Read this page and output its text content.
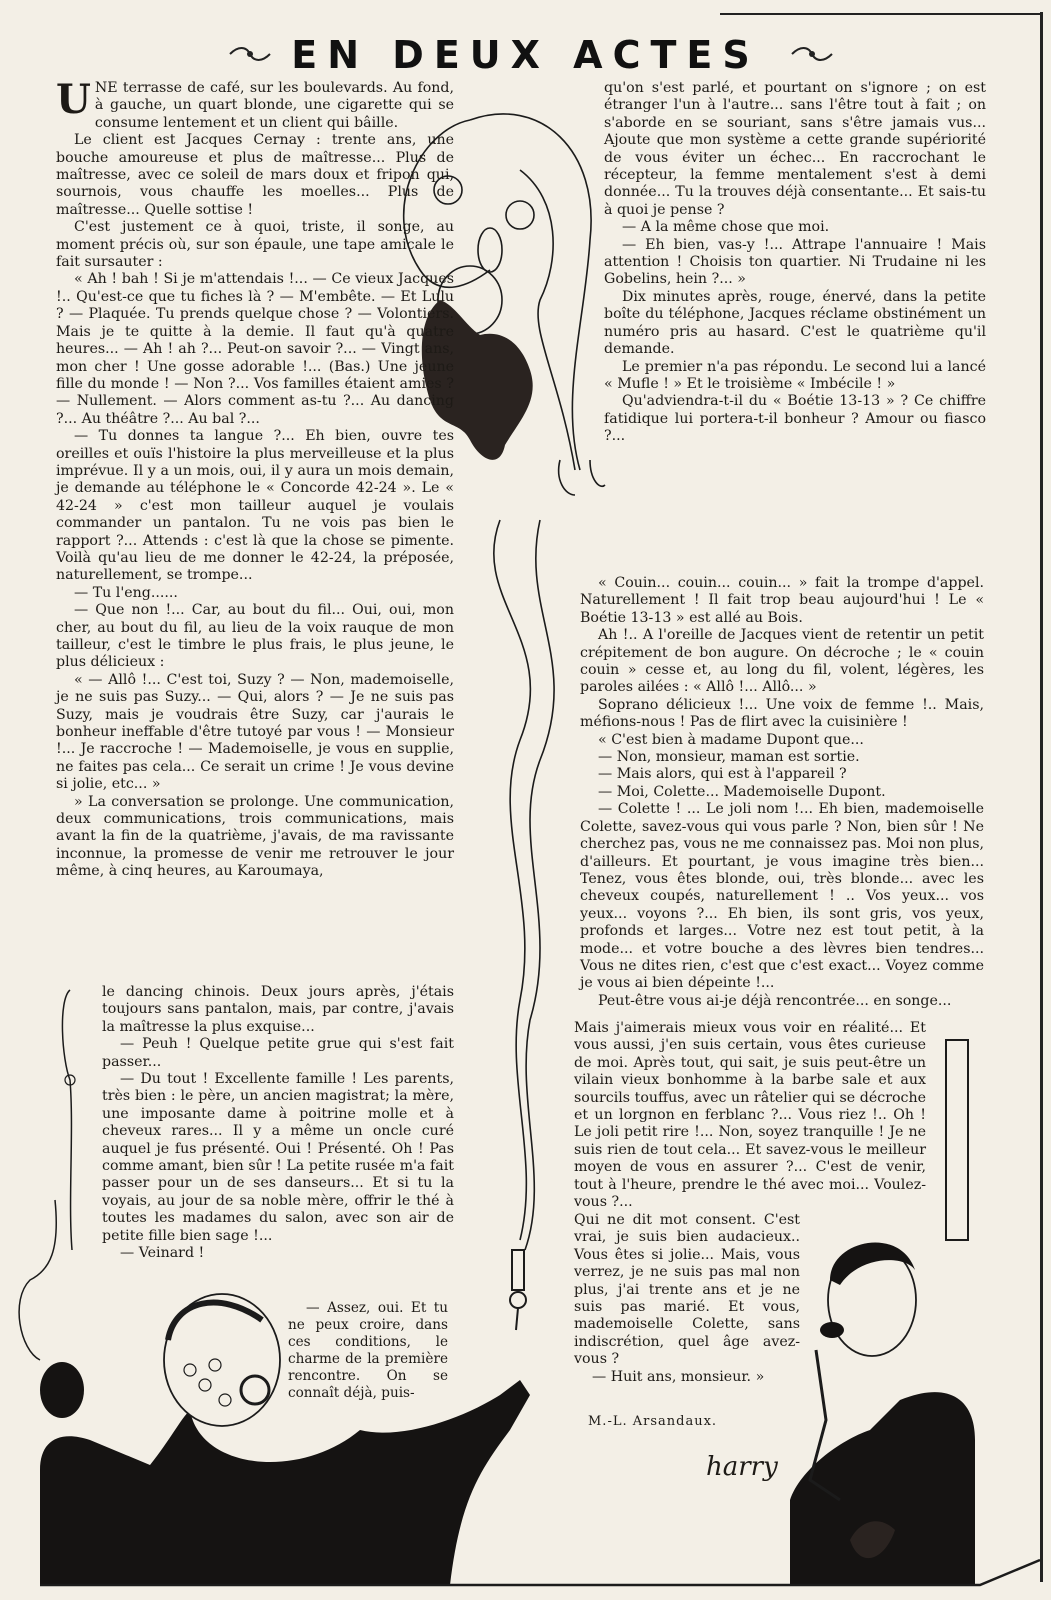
EN DEUX ACTES

UNE terrasse de café, sur les boulevards. Au fond, à gauche, un quart blonde, une cigarette qui se consume lentement et un client qui bâille.

Le client est Jacques Cernay : trente ans, une bouche amoureuse et plus de maîtresse... Plus de maîtresse, avec ce soleil de mars doux et fripon qui, sournois, vous chauffe les moelles... Plus de maîtresse... Quelle sottise !

C'est justement ce à quoi, triste, il songe, au moment précis où, sur son épaule, une tape amicale le fait sursauter :

« Ah ! bah ! Si je m'attendais !... — Ce vieux Jacques !.. Qu'est-ce que tu fiches là ? — M'embête. — Et Lulu ? — Plaquée. Tu prends quelque chose ? — Volontiers. Mais je te quitte à la demie. Il faut qu'à quatre heures... — Ah ! ah ?... Peut-on savoir ?... — Vingt ans, mon cher ! Une gosse adorable !... (Bas.) Une jeune fille du monde ! — Non ?... Vos familles étaient amies ? — Nullement. — Alors comment as-tu ?... Au dancing ?... Au théâtre ?... Au bal ?...

— Tu donnes ta langue ?... Eh bien, ouvre tes oreilles et ouïs l'histoire la plus merveilleuse et la plus imprévue. Il y a un mois, oui, il y aura un mois demain, je demande au téléphone le « Concorde 42-24 ». Le « 42-24 » c'est mon tailleur auquel je voulais commander un pantalon. Tu ne vois pas bien le rapport ?... Attends : c'est là que la chose se pimente. Voilà qu'au lieu de me donner le 42-24, la préposée, naturellement, se trompe...

— Tu l'eng......

— Que non !... Car, au bout du fil... Oui, oui, mon cher, au bout du fil, au lieu de la voix rauque de mon tailleur, c'est le timbre le plus frais, le plus jeune, le plus délicieux :

« — Allô !... C'est toi, Suzy ? — Non, mademoiselle, je ne suis pas Suzy... — Qui, alors ? — Je ne suis pas Suzy, mais je voudrais être Suzy, car j'aurais le bonheur ineffable d'être tutoyé par vous ! — Monsieur !... Je raccroche ! — Mademoiselle, je vous en supplie, ne faites pas cela... Ce serait un crime ! Je vous devine si jolie, etc... »

» La conversation se prolonge. Une communication, deux communications, trois communications, mais avant la fin de la quatrième, j'avais, de ma ravissante inconnue, la promesse de venir me retrouver le jour même, à cinq heures, au Karoumaya,

le dancing chinois. Deux jours après, j'étais toujours sans pantalon, mais, par contre, j'avais la maîtresse la plus exquise...

— Peuh ! Quelque petite grue qui s'est fait passer...

— Du tout ! Excellente famille ! Les parents, très bien : le père, un ancien magistrat; la mère, une imposante dame à poitrine molle et à cheveux rares... Il y a même un oncle curé auquel je fus présenté. Oui ! Présenté. Oh ! Pas comme amant, bien sûr ! La petite rusée m'a fait passer pour un de ses danseurs... Et si tu la voyais, au jour de sa noble mère, offrir le thé à toutes les madames du salon, avec son air de petite fille bien sage !...

— Veinard !

— Assez, oui. Et tu ne peux croire, dans ces conditions, le charme de la première rencontre. On se connaît déjà, puis-

qu'on s'est parlé, et pourtant on s'ignore ; on est étranger l'un à l'autre... sans l'être tout à fait ; on s'aborde en se souriant, sans s'être jamais vus... Ajoute que mon système a cette grande supériorité de vous éviter un échec... En raccrochant le récepteur, la femme mentalement s'est à demi donnée... Tu la trouves déjà consentante... Et sais-tu à quoi je pense ?

— A la même chose que moi.

— Eh bien, vas-y !... Attrape l'annuaire ! Mais attention ! Choisis ton quartier. Ni Trudaine ni les Gobelins, hein ?... »

Dix minutes après, rouge, énervé, dans la petite boîte du téléphone, Jacques réclame obstinément un numéro pris au hasard. C'est le quatrième qu'il demande.

Le premier n'a pas répondu. Le second lui a lancé « Mufle ! » Et le troisième « Imbécile ! »

Qu'adviendra-t-il du « Boétie 13-13 » ? Ce chiffre fatidique lui portera-t-il bonheur ? Amour ou fiasco ?...

« Couin... couin... couin... » fait la trompe d'appel. Naturellement ! Il fait trop beau aujourd'hui ! Le « Boétie 13-13 » est allé au Bois.

Ah !.. A l'oreille de Jacques vient de retentir un petit crépitement de bon augure. On décroche ; le « couin couin » cesse et, au long du fil, volent, légères, les paroles ailées : « Allô !... Allô... »

Soprano délicieux !... Une voix de femme !.. Mais, méfions-nous ! Pas de flirt avec la cuisinière !

« C'est bien à madame Dupont que...

— Non, monsieur, maman est sortie.

— Mais alors, qui est à l'appareil ?

— Moi, Colette... Mademoiselle Dupont.

— Colette ! ... Le joli nom !... Eh bien, mademoiselle Colette, savez-vous qui vous parle ? Non, bien sûr ! Ne cherchez pas, vous ne me connaissez pas. Moi non plus, d'ailleurs. Et pourtant, je vous imagine très bien... Tenez, vous êtes blonde, oui, très blonde... avec les cheveux coupés, naturellement ! .. Vos yeux... vos yeux... voyons ?... Eh bien, ils sont gris, vos yeux, profonds et larges... Votre nez est tout petit, à la mode... et votre bouche a des lèvres bien tendres... Vous ne dites rien, c'est que c'est exact... Voyez comme je vous ai bien dépeinte !...

Peut-être vous ai-je déjà rencontrée... en songe...

Mais j'aimerais mieux vous voir en réalité... Et vous aussi, j'en suis certain, vous êtes curieuse de moi. Après tout, qui sait, je suis peut-être un vilain vieux bonhomme à la barbe sale et aux sourcils touffus, avec un râtelier qui se décroche et un lorgnon en ferblanc ?... Vous riez !.. Oh ! Le joli petit rire !... Non, soyez tranquille ! Je ne suis rien de tout cela... Et savez-vous le meilleur moyen de vous en assurer ?... C'est de venir, tout à l'heure, prendre le thé avec moi... Voulez-vous ?...

Qui ne dit mot consent. C'est vrai, je suis bien audacieux.. Vous êtes si jolie... Mais, vous verrez, je ne suis pas mal non plus, j'ai trente ans et je ne suis pas marié. Et vous, mademoiselle Colette, sans indiscrétion, quel âge avez-vous ?

— Huit ans, monsieur. »

M.-L. Arsandaux.
harry
